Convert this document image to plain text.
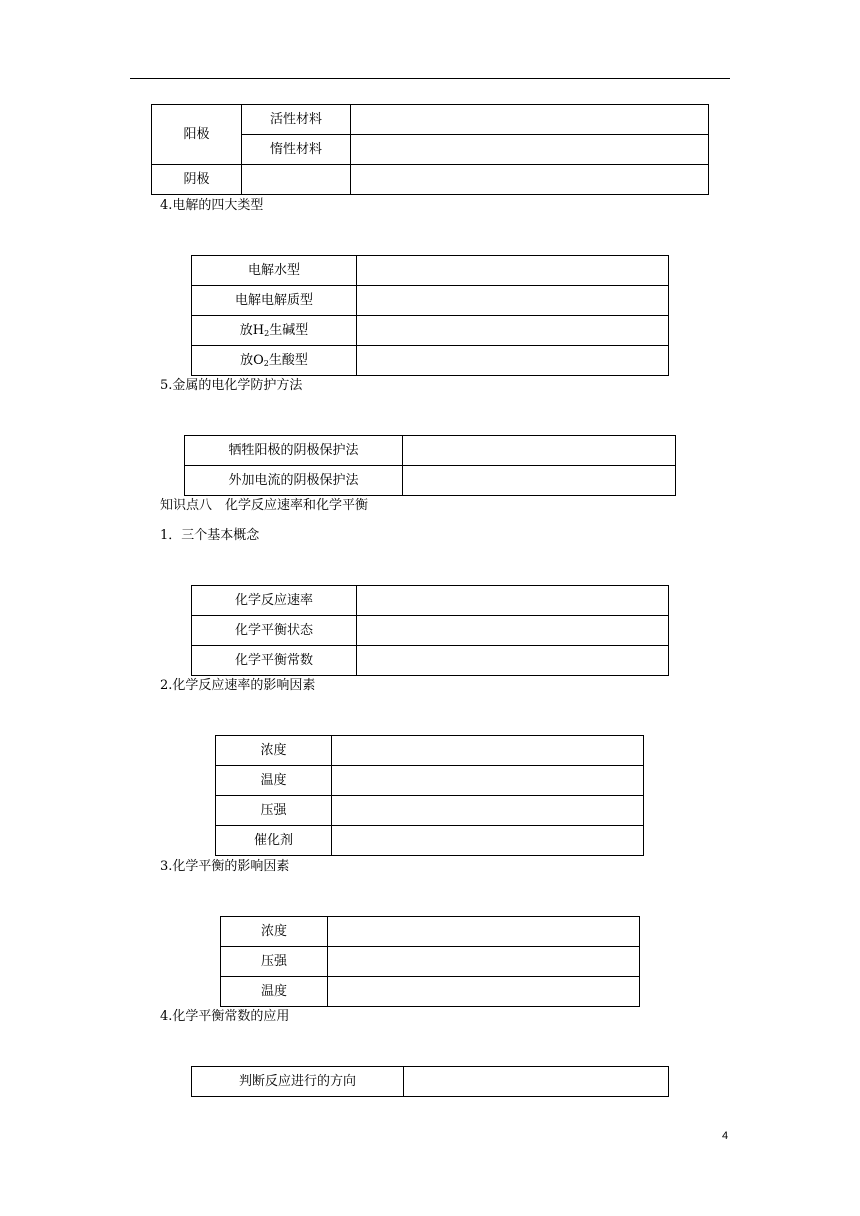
阳极	活性材料	
	惰性材料	
阴极		
4.电解的四大类型
电解水型	
电解电解质型	
放$H_2$生碱型	
放$O_2$生酸型	
5.金属的电化学防护方法
牺牲阳极的阴极保护法	
外加电流的阴极保护法	
知识点八　化学反应速率和化学平衡
1．三个基本概念
化学反应速率	
化学平衡状态	
化学平衡常数	
2.化学反应速率的影响因素
浓度	
温度	
压强	
催化剂	
3.化学平衡的影响因素
浓度	
压强	
温度	
4.化学平衡常数的应用
判断反应进行的方向	
4
